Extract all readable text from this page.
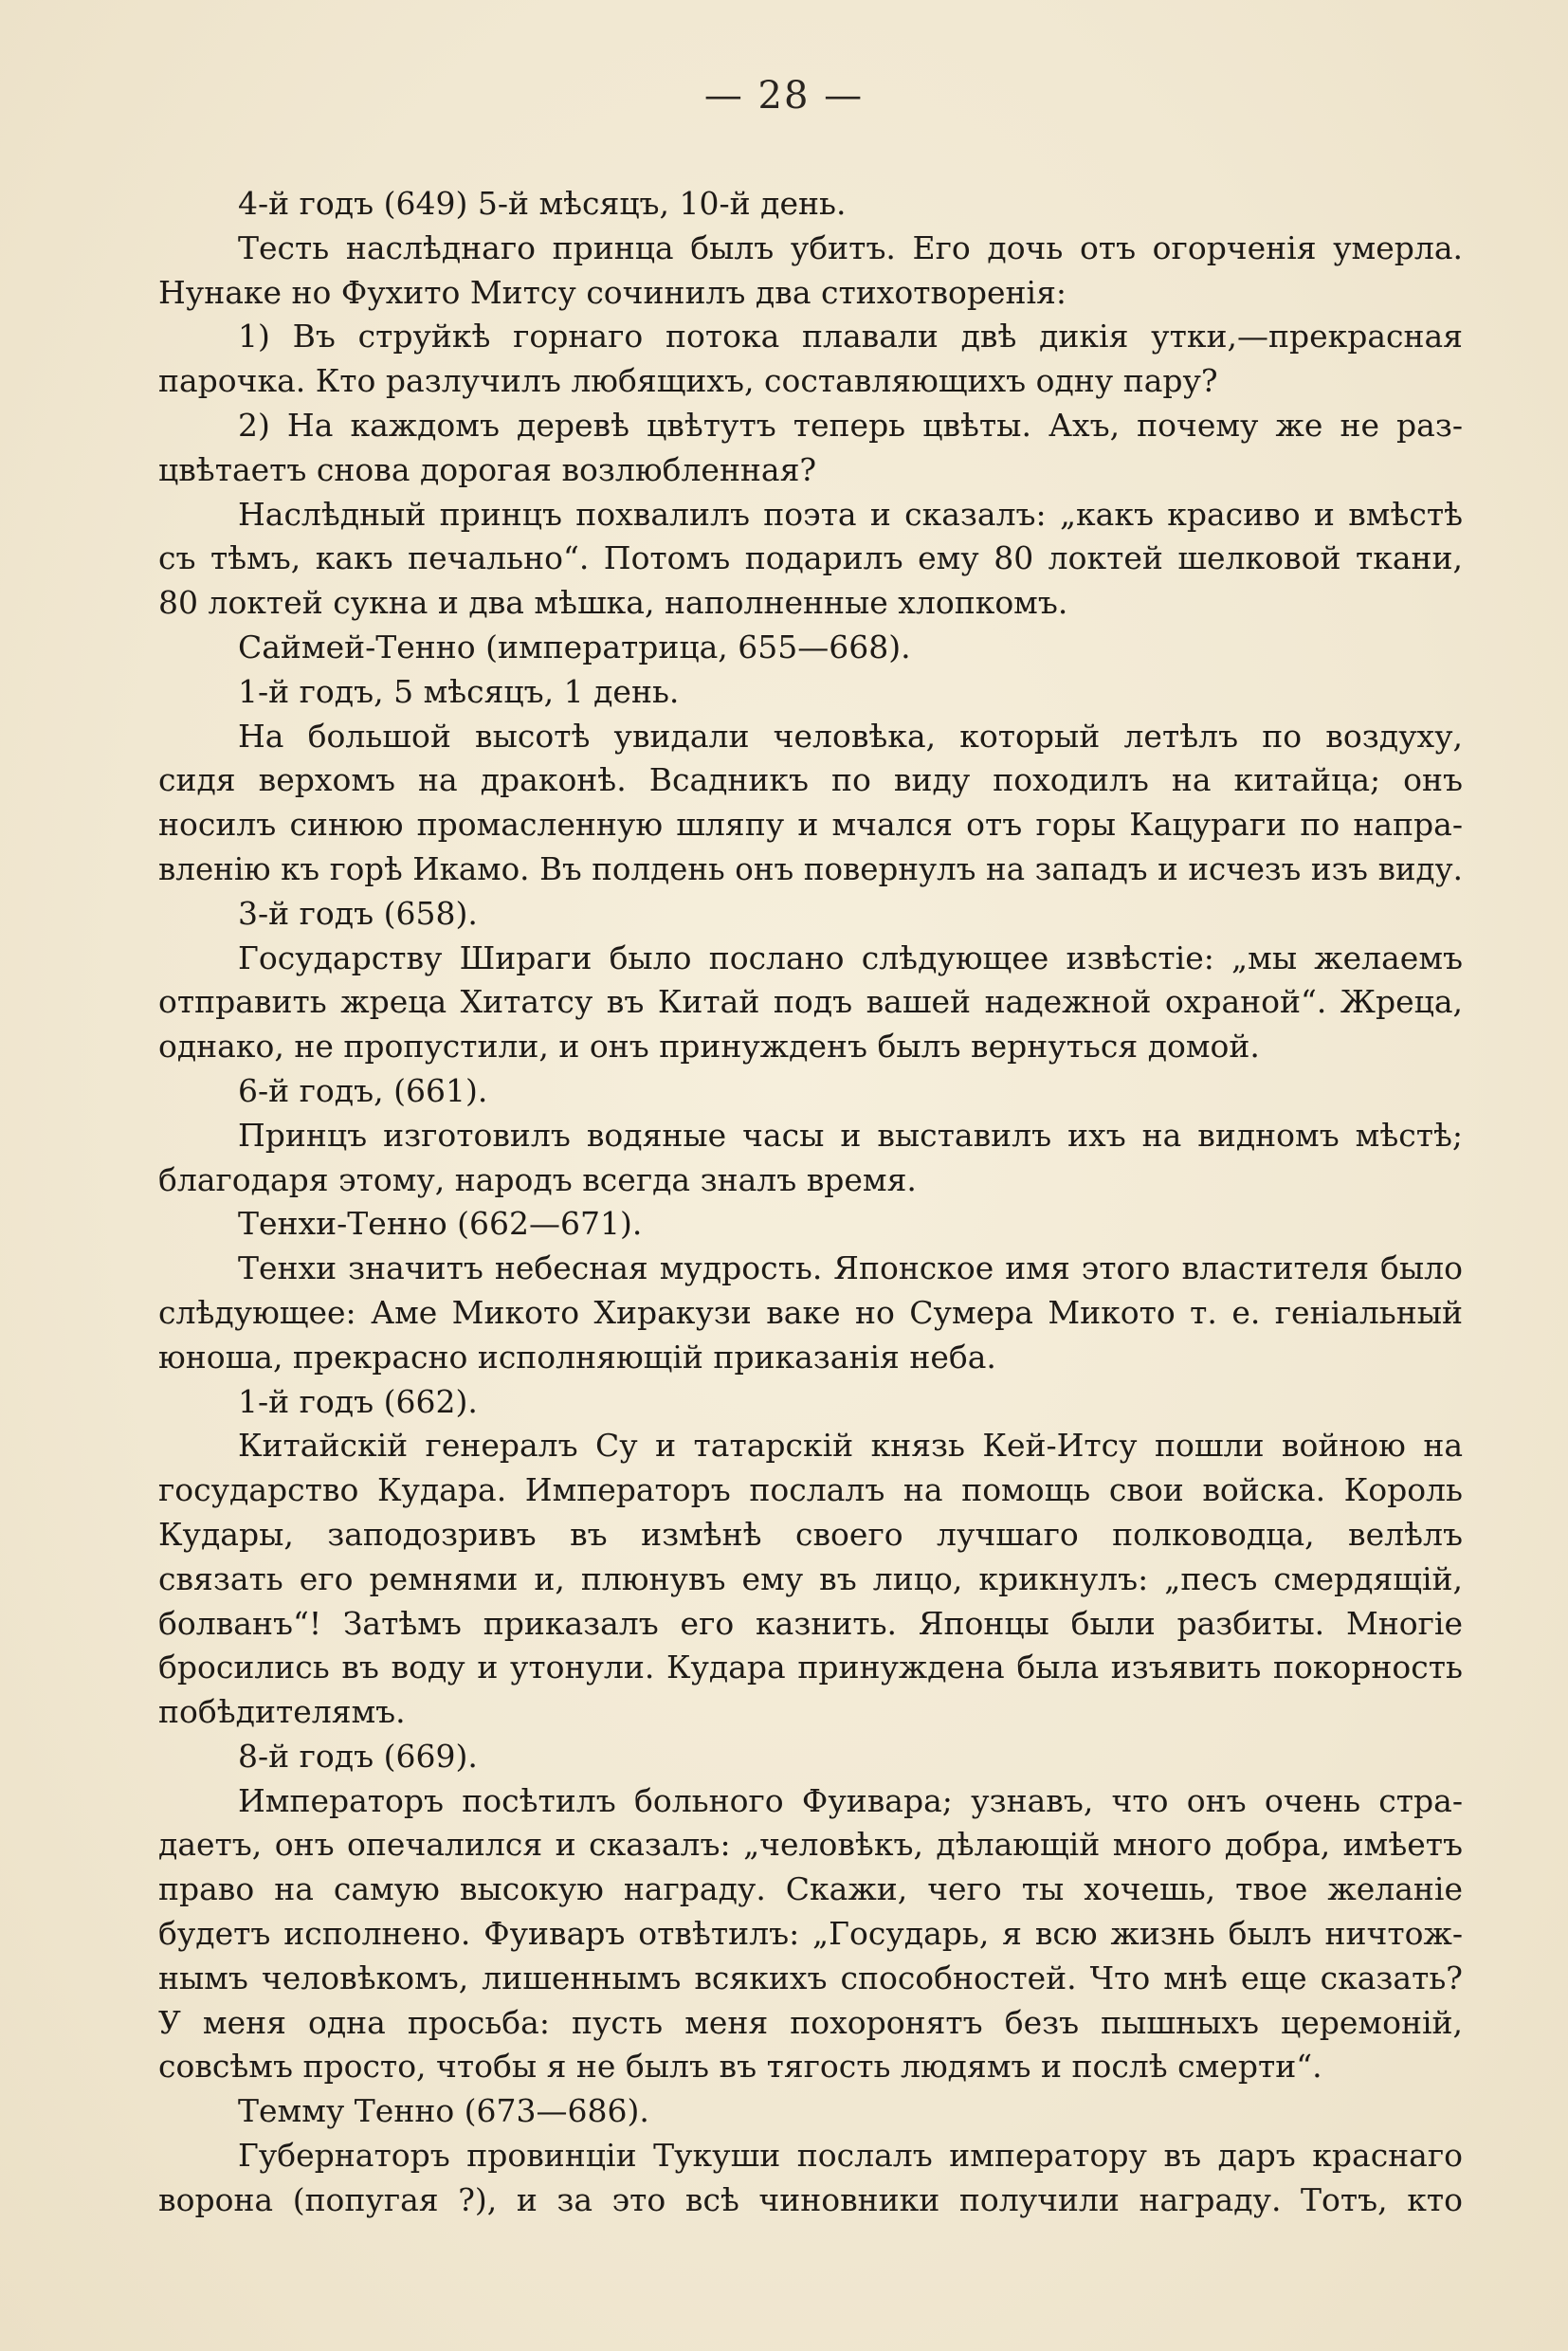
— 28 —
4-й годъ (649) 5-й мѣсяцъ, 10-й день.
Тесть наслѣднаго принца былъ убитъ. Его дочь отъ огорченія умерла.
Нунаке но Фухито Митсу сочинилъ два стихотворенія:
1) Въ струйкѣ горнаго потока плавали двѣ дикія утки,—прекрасная
парочка. Кто разлучилъ любящихъ, составляющихъ одну пару?
2) На каждомъ деревѣ цвѣтутъ теперь цвѣты. Ахъ, почему же не раз-
цвѣтаетъ снова дорогая возлюбленная?
Наслѣдный принцъ похвалилъ поэта и сказалъ: „какъ красиво и вмѣстѣ
съ тѣмъ, какъ печально“. Потомъ подарилъ ему 80 локтей шелковой ткани,
80 локтей сукна и два мѣшка, наполненные хлопкомъ.
Саймей-Тенно (императрица, 655—668).
1-й годъ, 5 мѣсяцъ, 1 день.
На большой высотѣ увидали человѣка, который летѣлъ по воздуху,
сидя верхомъ на драконѣ. Всадникъ по виду походилъ на китайца; онъ
носилъ синюю промасленную шляпу и мчался отъ горы Кацураги по напра-
вленію къ горѣ Икамо. Въ полдень онъ повернулъ на западъ и исчезъ изъ виду.
3-й годъ (658).
Государству Шираги было послано слѣдующее извѣстіе: „мы желаемъ
отправить жреца Хитатсу въ Китай подъ вашей надежной охраной“. Жреца,
однако, не пропустили, и онъ принужденъ былъ вернуться домой.
6-й годъ, (661).
Принцъ изготовилъ водяные часы и выставилъ ихъ на видномъ мѣстѣ;
благодаря этому, народъ всегда зналъ время.
Тенхи-Тенно (662—671).
Тенхи значитъ небесная мудрость. Японское имя этого властителя было
слѣдующее: Аме Микото Хиракузи ваке но Сумера Микото т. е. геніальный
юноша, прекрасно исполняющій приказанія неба.
1-й годъ (662).
Китайскій генералъ Су и татарскій князь Кей-Итсу пошли войною на
государство Кудара. Императоръ послалъ на помощь свои войска. Король
Кудары, заподозривъ въ измѣнѣ своего лучшаго полководца, велѣлъ
связать его ремнями и, плюнувъ ему въ лицо, крикнулъ: „песъ смердящій,
болванъ“! Затѣмъ приказалъ его казнить. Японцы были разбиты. Многіе
бросились въ воду и утонули. Кудара принуждена была изъявить покорность
побѣдителямъ.
8-й годъ (669).
Императоръ посѣтилъ больного Фуивара; узнавъ, что онъ очень стра-
даетъ, онъ опечалился и сказалъ: „человѣкъ, дѣлающій много добра, имѣетъ
право на самую высокую награду. Скажи, чего ты хочешь, твое желаніе
будетъ исполнено. Фуиваръ отвѣтилъ: „Государь, я всю жизнь былъ ничтож-
нымъ человѣкомъ, лишеннымъ всякихъ способностей. Что мнѣ еще сказать?
У меня одна просьба: пусть меня похоронятъ безъ пышныхъ церемоній,
совсѣмъ просто, чтобы я не былъ въ тягость людямъ и послѣ смерти“.
Темму Тенно (673—686).
Губернаторъ провинціи Тукуши послалъ императору въ даръ краснаго
ворона (попугая ?), и за это всѣ чиновники получили награду. Тотъ, кто
